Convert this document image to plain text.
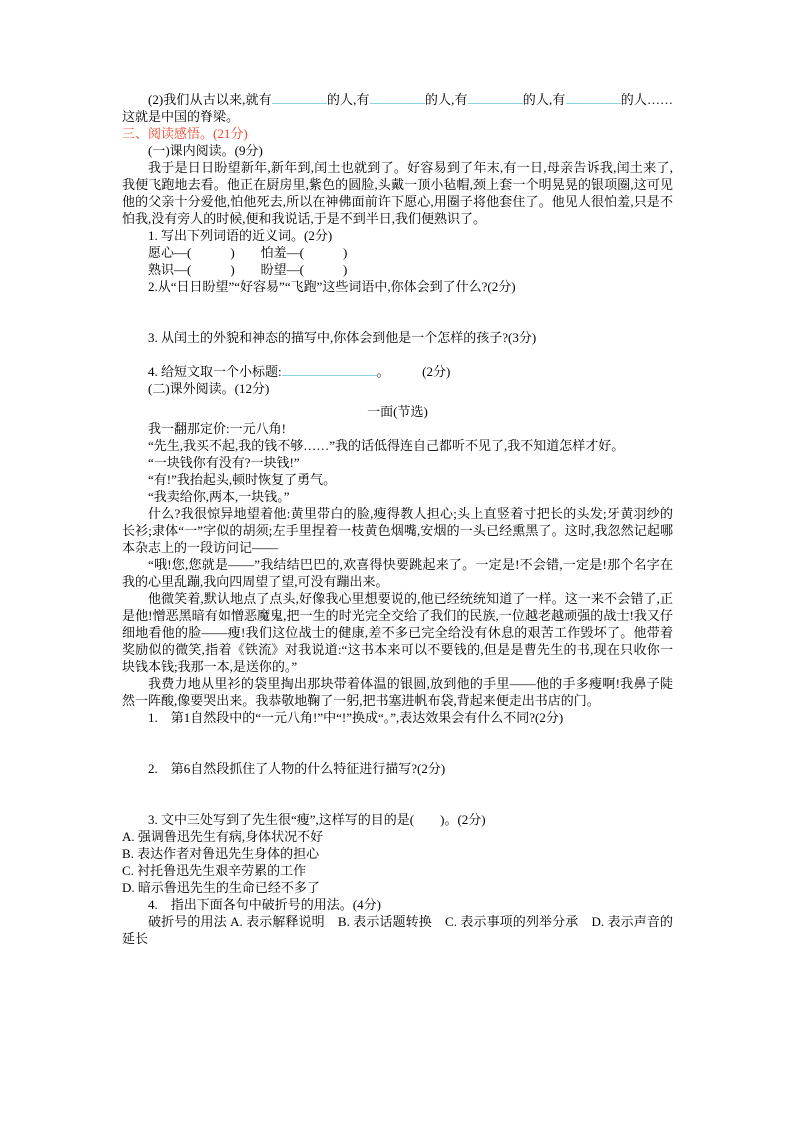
(2)我们从古以来,就有	的人,有	的人,有	的人,有	的人……这就是中国的脊梁。

三、阅读感悟。(21分)

(一)课内阅读。(9分)

我于是日日盼望新年,新年到,闰土也就到了。好容易到了年末,有一日,母亲告诉我,闰土来了,我便飞跑地去看。他正在厨房里,紫色的圆脸,头戴一顶小毡帽,颈上套一个明晃晃的银项圈,这可见他的父亲十分爱他,怕他死去,所以在神佛面前许下愿心,用圈子将他套住了。他见人很怕羞,只是不怕我,没有旁人的时候,便和我说话,于是不到半日,我们便熟识了。

1. 写出下列词语的近义词。(2分)

愿心—(　　　)　　怕羞—(　　　)

熟识—(　　　)　　盼望—(　　　)

2.从“日日盼望”“好容易”“飞跑”这些词语中,你体会到了什么?(2分)

3. 从闰土的外貌和神态的描写中,你体会到他是一个怎样的孩子?(3分)

4. 给短文取一个小标题:	。　　　(2分)

(二)课外阅读。(12分)

一面(节选)

我一翻那定价:一元八角!

“先生,我买不起,我的钱不够……”我的话低得连自己都听不见了,我不知道怎样才好。

“一块钱你有没有?一块钱!”

“有!”我抬起头,顿时恢复了勇气。

“我卖给你,两本,一块钱。”

什么?我很惊异地望着他:黄里带白的脸,瘦得教人担心;头上直竖着寸把长的头发;牙黄羽纱的长衫;隶体“一”字似的胡须;左手里捏着一枝黄色烟嘴,安烟的一头已经熏黑了。这时,我忽然记起哪本杂志上的一段访问记——

“哦!您,您就是——”我结结巴巴的,欢喜得快要跳起来了。一定是!不会错,一定是!那个名字在我的心里乱蹦,我向四周望了望,可没有蹦出来。

他微笑着,默认地点了点头,好像我心里想要说的,他已经统统知道了一样。这一来不会错了,正是他!憎恶黑暗有如憎恶魔鬼,把一生的时光完全交给了我们的民族,一位越老越顽强的战士!我又仔细地看他的脸——瘦!我们这位战士的健康,差不多已完全给没有休息的艰苦工作毁坏了。他带着奖励似的微笑,指着《铁流》对我说道:“这书本来可以不要钱的,但是是曹先生的书,现在只收你一块钱本钱;我那一本,是送你的。”

我费力地从里衫的袋里掏出那块带着体温的银圆,放到他的手里——他的手多瘦啊!我鼻子陡然一阵酸,像要哭出来。我恭敬地鞠了一躬,把书塞进帆布袋,背起来便走出书店的门。

1.　第1自然段中的“一元八角!”中“!”换成“。”,表达效果会有什么不同?(2分)

2.　第6自然段抓住了人物的什么特征进行描写?(2分)

3. 文中三处写到了先生很“瘦”,这样写的目的是(　　)。(2分)

A. 强调鲁迅先生有病,身体状况不好

B. 表达作者对鲁迅先生身体的担心

C. 衬托鲁迅先生艰辛劳累的工作

D. 暗示鲁迅先生的生命已经不多了

4.　指出下面各句中破折号的用法。(4分)

破折号的用法 A. 表示解释说明　B. 表示话题转换　C. 表示事项的列举分承　D. 表示声音的延长
